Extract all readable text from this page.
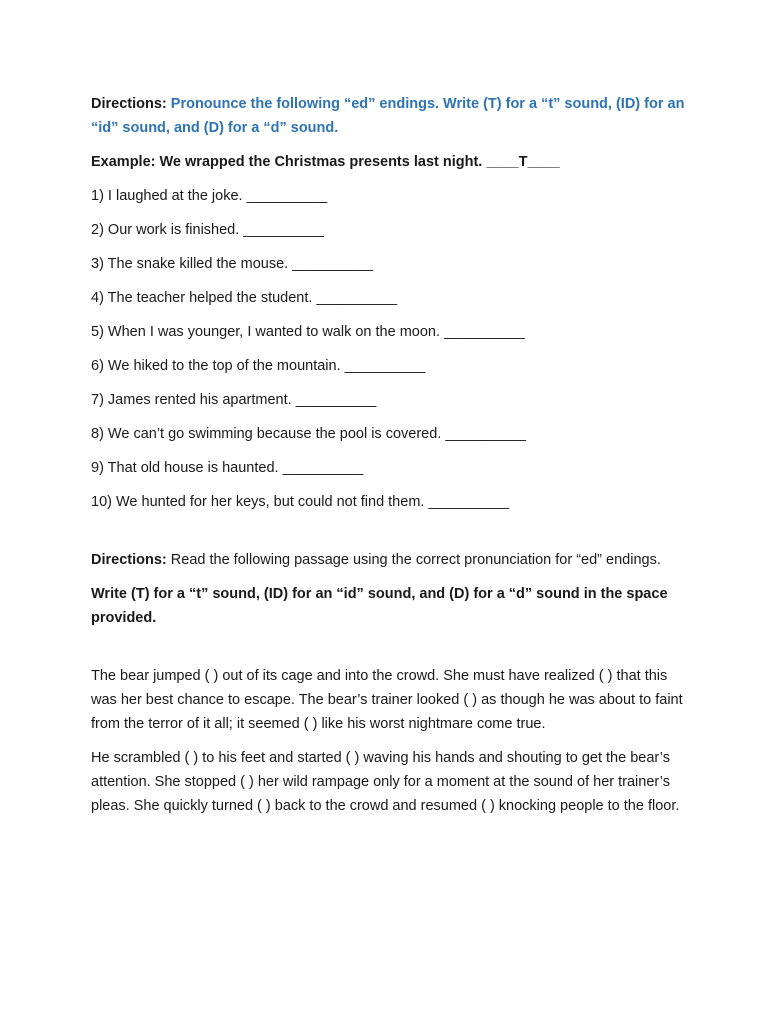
Directions: Pronounce the following “ed” endings. Write (T) for a “t” sound, (ID) for an “id” sound, and (D) for a “d” sound.

Example: We wrapped the Christmas presents last night. ____T____

1) I laughed at the joke. __________

2) Our work is finished. __________

3) The snake killed the mouse. __________

4) The teacher helped the student. __________

5) When I was younger, I wanted to walk on the moon. __________

6) We hiked to the top of the mountain. __________

7) James rented his apartment. __________

8) We can’t go swimming because the pool is covered. __________

9) That old house is haunted. __________

10) We hunted for her keys, but could not find them. __________

Directions: Read the following passage using the correct pronunciation for “ed” endings.

Write (T) for a “t” sound, (ID) for an “id” sound, and (D) for a “d” sound in the space provided.

The bear jumped ( ) out of its cage and into the crowd. She must have realized ( ) that this was her best chance to escape. The bear’s trainer looked ( ) as though he was about to faint from the terror of it all; it seemed ( ) like his worst nightmare come true.

He scrambled ( ) to his feet and started ( ) waving his hands and shouting to get the bear’s attention. She stopped ( ) her wild rampage only for a moment at the sound of her trainer’s pleas. She quickly turned ( ) back to the crowd and resumed ( ) knocking people to the floor.
